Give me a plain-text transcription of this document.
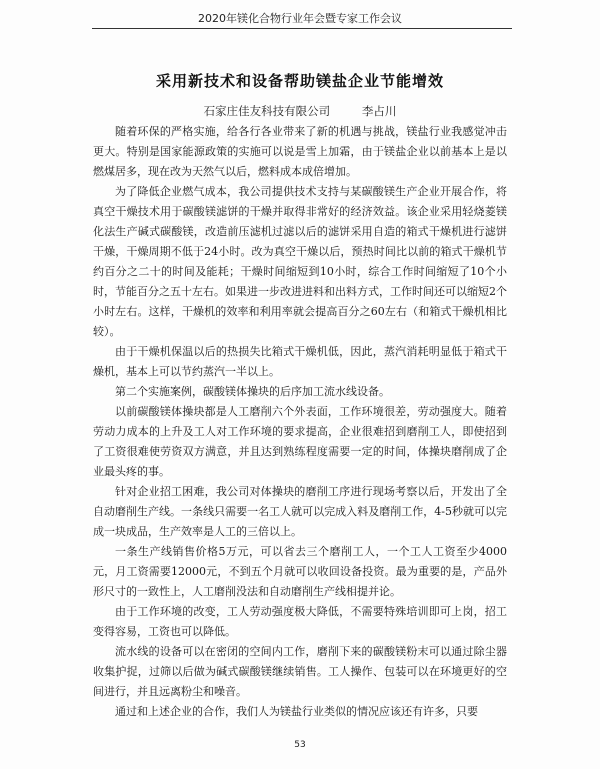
2020年镁化合物行业年会暨专家工作会议
采用新技术和设备帮助镁盐企业节能增效
石家庄佳友科技有限公司	李占川

随着环保的严格实施，给各行各业带来了新的机遇与挑战，镁盐行业我感觉冲击更大。特别是国家能源政策的实施可以说是雪上加霜，由于镁盐企业以前基本上是以燃煤居多，现在改为天然气以后，燃料成本成倍增加。

为了降低企业燃气成本，我公司提供技术支持与某碳酸镁生产企业开展合作，将真空干燥技术用于碳酸镁滤饼的干燥并取得非常好的经济效益。该企业采用轻烧菱镁化法生产碱式碳酸镁，改造前压滤机过滤以后的滤饼采用自造的箱式干燥机进行滤饼干燥，干燥周期不低于24小时。改为真空干燥以后，预热时间比以前的箱式干燥机节约百分之二十的时间及能耗；干燥时间缩短到10小时，综合工作时间缩短了10个小时，节能百分之五十左右。如果进一步改进进料和出料方式，工作时间还可以缩短2个小时左右。这样，干燥机的效率和利用率就会提高百分之60左右（和箱式干燥机相比较）。

由于干燥机保温以后的热损失比箱式干燥机低，因此，蒸汽消耗明显低于箱式干燥机，基本上可以节约蒸汽一半以上。

第二个实施案例，碳酸镁体操块的后序加工流水线设备。

以前碳酸镁体操块都是人工磨削六个外表面，工作环境很差，劳动强度大。随着劳动力成本的上升及工人对工作环境的要求提高，企业很难招到磨削工人，即使招到了工资很难使劳资双方满意，并且达到熟练程度需要一定的时间，体操块磨削成了企业最头疼的事。

针对企业招工困难，我公司对体操块的磨削工序进行现场考察以后，开发出了全自动磨削生产线。一条线只需要一名工人就可以完成入料及磨削工作，4-5秒就可以完成一块成品，生产效率是人工的三倍以上。

一条生产线销售价格5万元，可以省去三个磨削工人，一个工人工资至少4000元，月工资需要12000元，不到五个月就可以收回设备投资。最为重要的是，产品外形尺寸的一致性上，人工磨削没法和自动磨削生产线相提并论。

由于工作环境的改变，工人劳动强度极大降低，不需要特殊培训即可上岗，招工变得容易，工资也可以降低。

流水线的设备可以在密闭的空间内工作，磨削下来的碳酸镁粉末可以通过除尘器收集护捉，过筛以后做为碱式碳酸镁继续销售。工人操作、包装可以在环境更好的空间进行，并且远离粉尘和噪音。

通过和上述企业的合作，我们人为镁盐行业类似的情况应该还有许多，只要

53
